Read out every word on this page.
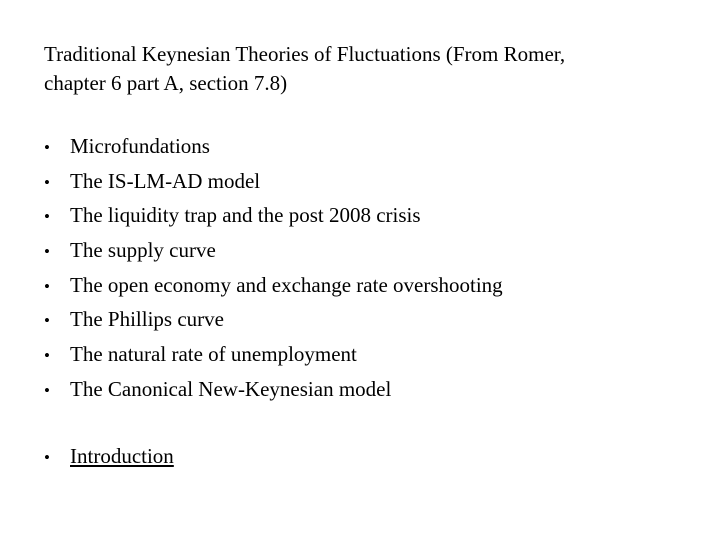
Traditional Keynesian Theories of Fluctuations (From Romer,
chapter 6 part A, section 7.8)
• Microfundations
• The IS-LM-AD model
• The liquidity trap and the post 2008 crisis
• The supply curve
• The open economy and exchange rate overshooting
• The Phillips curve
• The natural rate of unemployment
• The Canonical New-Keynesian model
• Introduction
